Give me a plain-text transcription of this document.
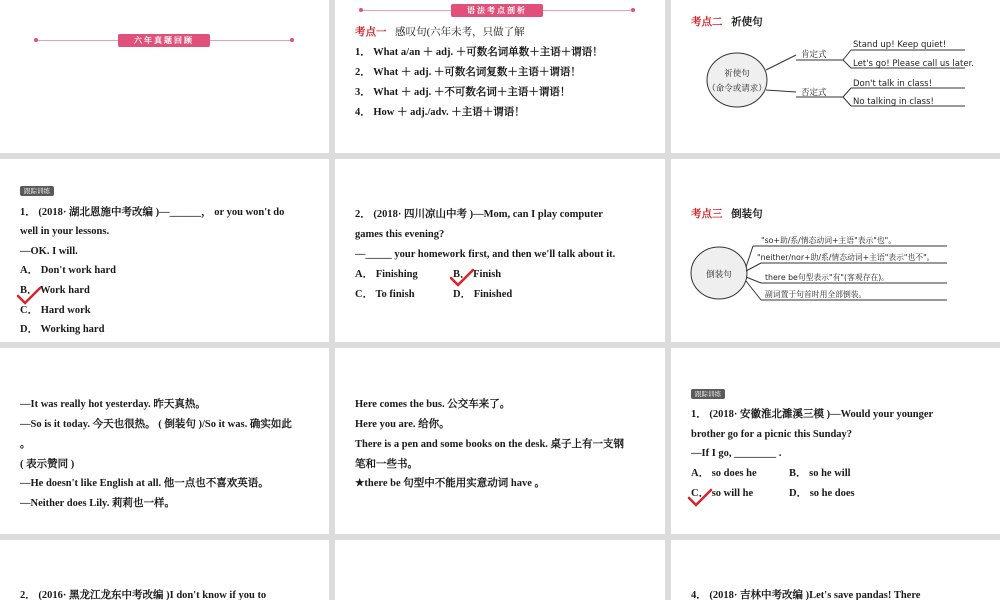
六年真题回顾
语法考点剖析
考点一 感叹句(六年未考，只做了解
1． What a/an ＋ adj. ＋可数名词单数＋主语＋谓语！
2． What ＋ adj. ＋可数名词复数＋主语＋谓语！
3． What ＋ adj. ＋不可数名词＋主语＋谓语！
4． How ＋ adj./adv. ＋主语＋谓语！
考点二 祈使句
祈使句
（命令或请求）
肯定式
否定式
Stand up! Keep quiet!
Let's go! Please call us later.
Don't talk in class!
No talking in class!
跟踪训练
1． (2018· 湖北恩施中考改编 )—______， or you won't do
well in your lessons.
—OK. I will.
A． Don't work hard
B． Work hard
C． Hard work
D． Working hard
2． (2018· 四川凉山中考 )—Mom, can I play computer
games this evening?
—_____ your homework first, and then we'll talk about it.
A． Finishing	B． Finish
C． To finish	D． Finished
考点三 倒装句
倒装句
"so+助/系/情态动词+主语"表示"也"。
"neither/nor+助/系/情态动词+主语"表示"也不"。
there be句型表示"有"(客观存在)。
副词置于句首时用全部倒装。
—It was really hot yesterday. 昨天真热。
—So is it today. 今天也很热。 ( 倒装句 )/So it was. 确实如此
。
( 表示赞同 )
—He doesn't like English at all. 他一点也不喜欢英语。
—Neither does Lily. 莉莉也一样。
Here comes the bus. 公交车来了。
Here you are. 给你。
There is a pen and some books on the desk. 桌子上有一支钢
笔和一些书。
★there be 句型中不能用实意动词 have 。
跟踪训练
1． (2018· 安徽淮北濉溪三模 )—Would your younger
brother go for a picnic this Sunday?
—If I go, ________ .
A． so does he	B． so he will
C． so will he	D． so he does
2． (2016· 黑龙江龙东中考改编 )I don't know if you to	4． (2018· 吉林中考改编 )Let's save pandas! There
